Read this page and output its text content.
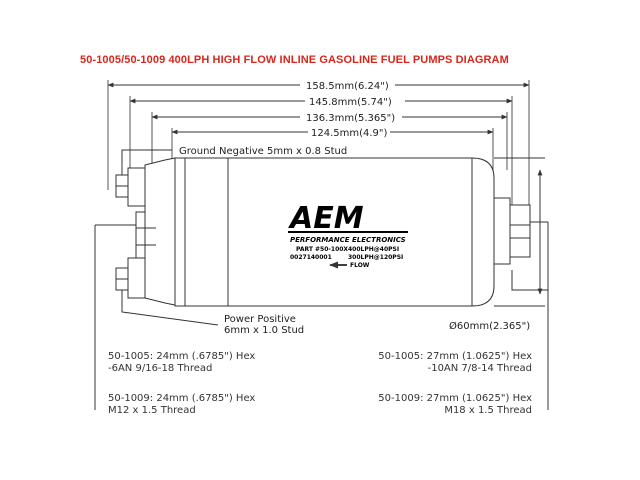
50-1005/50-1009 400LPH HIGH FLOW INLINE GASOLINE FUEL PUMPS DIAGRAM
158.5mm(6.24")
145.8mm(5.74")
136.3mm(5.365")
124.5mm(4.9")
AEM
PERFORMANCE ELECTRONICS
PART #50-100X 400LPH@40PSI
0027140001	300LPH@120PSI
FLOW
Ground Negative 5mm x 0.8 Stud
Power Positive
6mm x 1.0 Stud	Ø60mm(2.365")
50-1005: 24mm (.6785") Hex
-6AN 9/16-18 Thread
50-1009: 24mm (.6785") Hex
M12 x 1.5 Thread
50-1005: 27mm (1.0625") Hex
-10AN 7/8-14 Thread
50-1009: 27mm (1.0625") Hex
M18 x 1.5 Thread
